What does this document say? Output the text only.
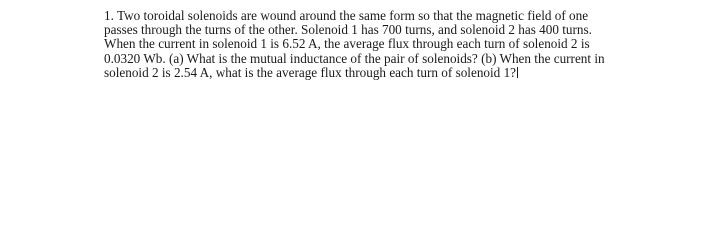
1. Two toroidal solenoids are wound around the same form so that the magnetic field of one
passes through the turns of the other. Solenoid 1 has 700 turns, and solenoid 2 has 400 turns.
When the current in solenoid 1 is 6.52 A, the average flux through each turn of solenoid 2 is
0.0320 Wb. (a) What is the mutual inductance of the pair of solenoids? (b) When the current in
solenoid 2 is 2.54 A, what is the average flux through each turn of solenoid 1?
